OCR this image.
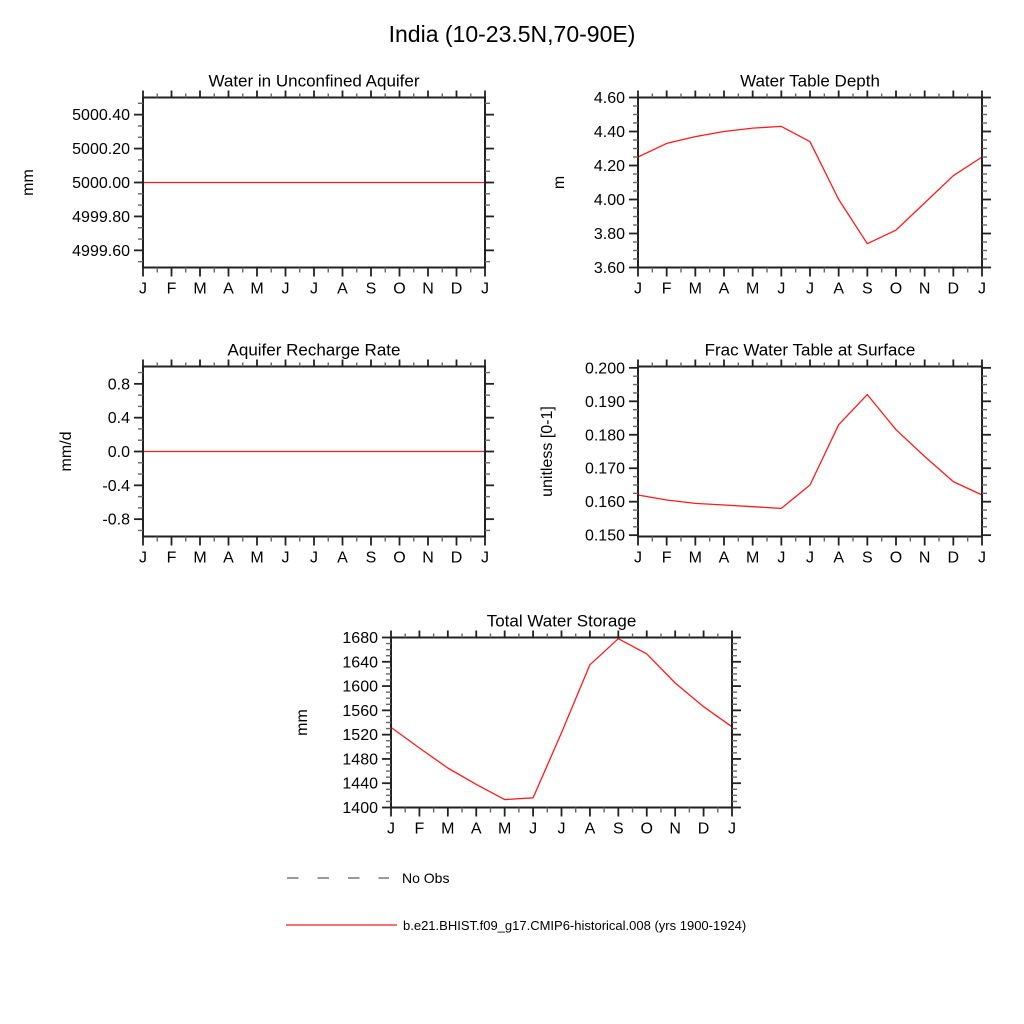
India (10-23.5N,70-90E)
J F M A M J J A S O N D J
4999.60
4999.80
5000.00
5000.20
5000.40
mm
Water in Unconfined Aquifer
J F M A M J J A S O N D J
3.60
3.80
4.00
4.20
4.40
4.60
m
Water Table Depth
J F M A M J J A S O N D J
-0.8
-0.4
0.0
0.4
0.8
mm/d
Aquifer Recharge Rate
J F M A M J J A S O N D J
0.150
0.160
0.170
0.180
0.190
0.200
unitless [0-1]
Frac Water Table at Surface
J F M A M J J A S O N D J
1400
1440
1480
1520
1560
1600
1640
1680
mm
Total Water Storage
No Obs
b.e21.BHIST.f09_g17.CMIP6-historical.008 (yrs 1900-1924)
